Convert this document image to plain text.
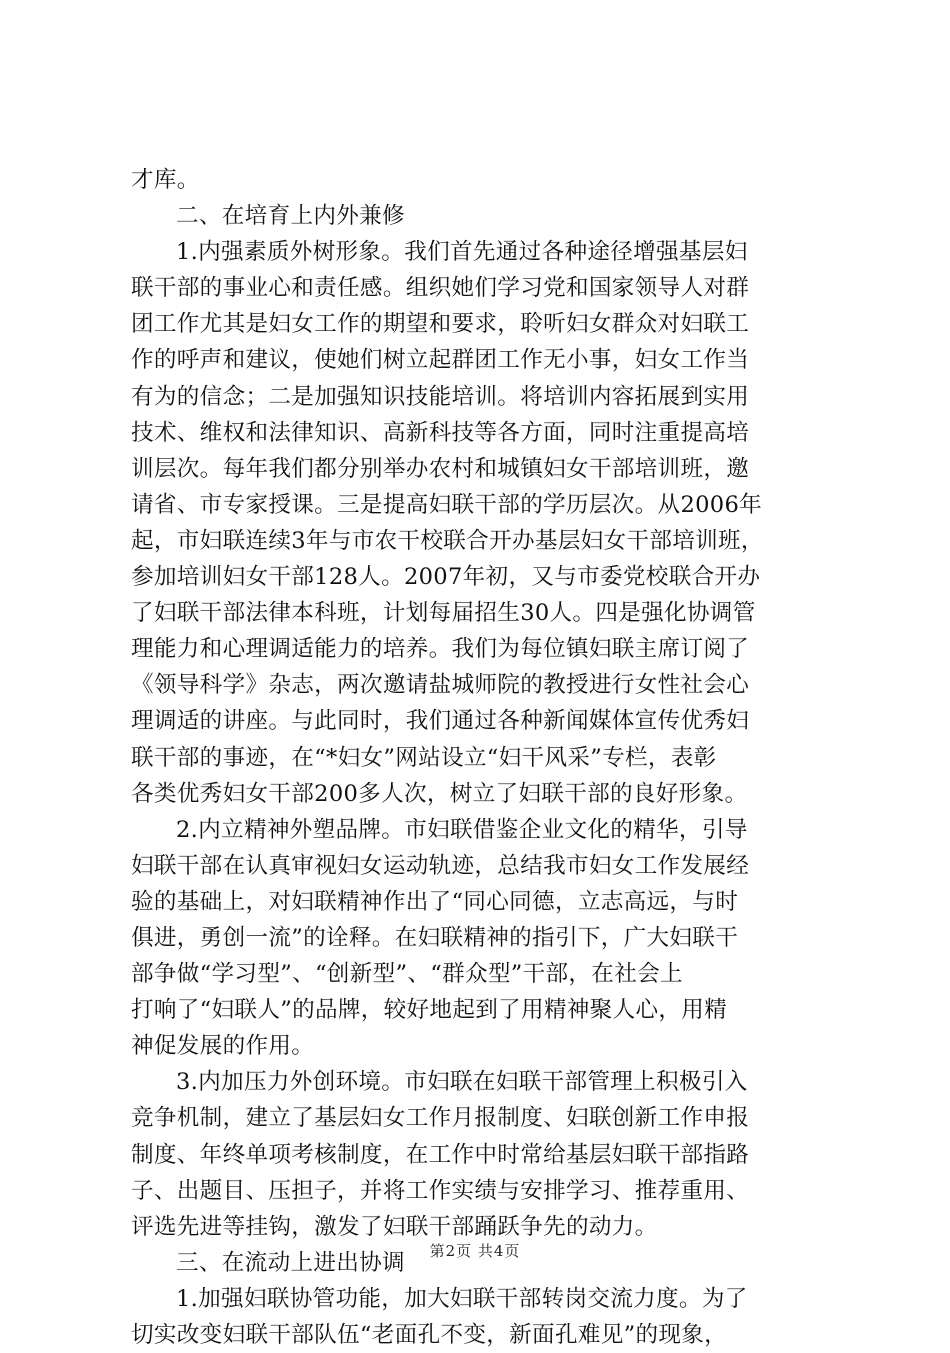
才库。
二、在培育上内外兼修
1.内强素质外树形象。我们首先通过各种途径增强基层妇
联干部的事业心和责任感。组织她们学习党和国家领导人对群
团工作尤其是妇女工作的期望和要求，聆听妇女群众对妇联工
作的呼声和建议，使她们树立起群团工作无小事，妇女工作当
有为的信念；二是加强知识技能培训。将培训内容拓展到实用
技术、维权和法律知识、高新科技等各方面，同时注重提高培
训层次。每年我们都分别举办农村和城镇妇女干部培训班，邀
请省、市专家授课。三是提高妇联干部的学历层次。从2006年
起，市妇联连续3年与市农干校联合开办基层妇女干部培训班，
参加培训妇女干部128人。2007年初，又与市委党校联合开办
了妇联干部法律本科班，计划每届招生30人。四是强化协调管
理能力和心理调适能力的培养。我们为每位镇妇联主席订阅了
《领导科学》杂志，两次邀请盐城师院的教授进行女性社会心
理调适的讲座。与此同时，我们通过各种新闻媒体宣传优秀妇
联干部的事迹，在“*妇女”网站设立“妇干风采”专栏，表彰
各类优秀妇女干部200多人次，树立了妇联干部的良好形象。
2.内立精神外塑品牌。市妇联借鉴企业文化的精华，引导
妇联干部在认真审视妇女运动轨迹，总结我市妇女工作发展经
验的基础上，对妇联精神作出了“同心同德，立志高远，与时
俱进，勇创一流”的诠释。在妇联精神的指引下，广大妇联干
部争做“学习型”、“创新型”、“群众型”干部，在社会上
打响了“妇联人”的品牌，较好地起到了用精神聚人心，用精
神促发展的作用。
3.内加压力外创环境。市妇联在妇联干部管理上积极引入
竞争机制，建立了基层妇女工作月报制度、妇联创新工作申报
制度、年终单项考核制度，在工作中时常给基层妇联干部指路
子、出题目、压担子，并将工作实绩与安排学习、推荐重用、
评选先进等挂钩，激发了妇联干部踊跃争先的动力。
三、在流动上进出协调
1.加强妇联协管功能，加大妇联干部转岗交流力度。为了
切实改变妇联干部队伍“老面孔不变，新面孔难见”的现象，
第2页 共4页
